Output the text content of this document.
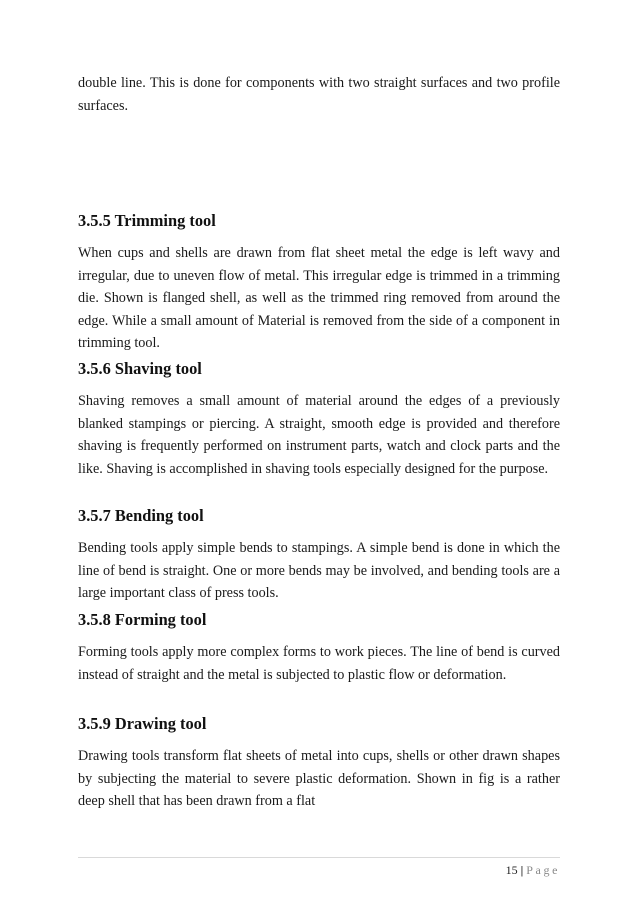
double line. This is done for components with two straight surfaces and two profile surfaces.

3.5.5 Trimming tool

When cups and shells are drawn from flat sheet metal the edge is left wavy and irregular, due to uneven flow of metal. This irregular edge is trimmed in a trimming die. Shown is flanged shell, as well as the trimmed ring removed from around the edge. While a small amount of Material is removed from the side of a component in trimming tool.

3.5.6 Shaving tool

Shaving removes a small amount of material around the edges of a previously blanked stampings or piercing. A straight, smooth edge is provided and therefore shaving is frequently performed on instrument parts, watch and clock parts and the like. Shaving is accomplished in shaving tools especially designed for the purpose.

3.5.7 Bending tool

Bending tools apply simple bends to stampings. A simple bend is done in which the line of bend is straight. One or more bends may be involved, and bending tools are a large important class of press tools.

3.5.8 Forming tool

Forming tools apply more complex forms to work pieces. The line of bend is curved instead of straight and the metal is subjected to plastic flow or deformation.

3.5.9 Drawing tool

Drawing tools transform flat sheets of metal into cups, shells or other drawn shapes by subjecting the material to severe plastic deformation. Shown in fig is a rather deep shell that has been drawn from a flat

15 | Page
